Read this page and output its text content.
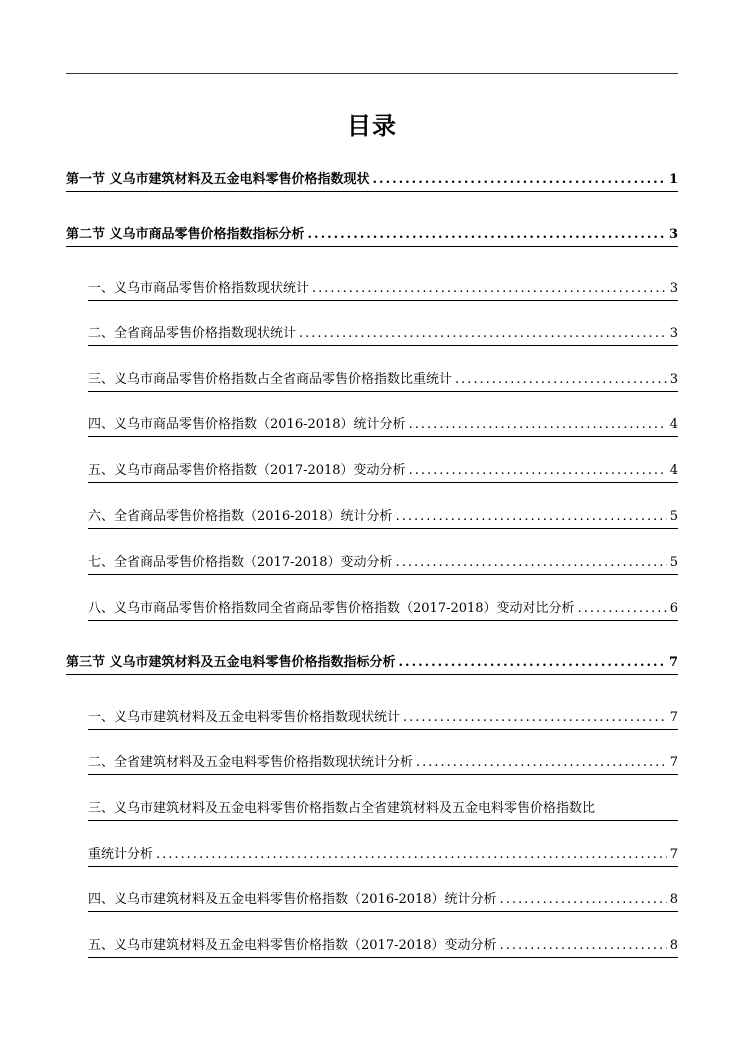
目录
第一节 义乌市建筑材料及五金电料零售价格指数现状 .....	1
第二节 义乌市商品零售价格指数指标分析 .....	3
一、义乌市商品零售价格指数现状统计 .....	3
二、全省商品零售价格指数现状统计 .....	3
三、义乌市商品零售价格指数占全省商品零售价格指数比重统计 .....	3
四、义乌市商品零售价格指数（2016-2018）统计分析 .....	4
五、义乌市商品零售价格指数（2017-2018）变动分析 .....	4
六、全省商品零售价格指数（2016-2018）统计分析 .....	5
七、全省商品零售价格指数（2017-2018）变动分析 .....	5
八、义乌市商品零售价格指数同全省商品零售价格指数（2017-2018）变动对比分析 .....	6
第三节 义乌市建筑材料及五金电料零售价格指数指标分析 .....	7
一、义乌市建筑材料及五金电料零售价格指数现状统计 .....	7
二、全省建筑材料及五金电料零售价格指数现状统计分析 .....	7
三、义乌市建筑材料及五金电料零售价格指数占全省建筑材料及五金电料零售价格指数比
重统计分析 .....	7
四、义乌市建筑材料及五金电料零售价格指数（2016-2018）统计分析 .....	8
五、义乌市建筑材料及五金电料零售价格指数（2017-2018）变动分析 .....	8
